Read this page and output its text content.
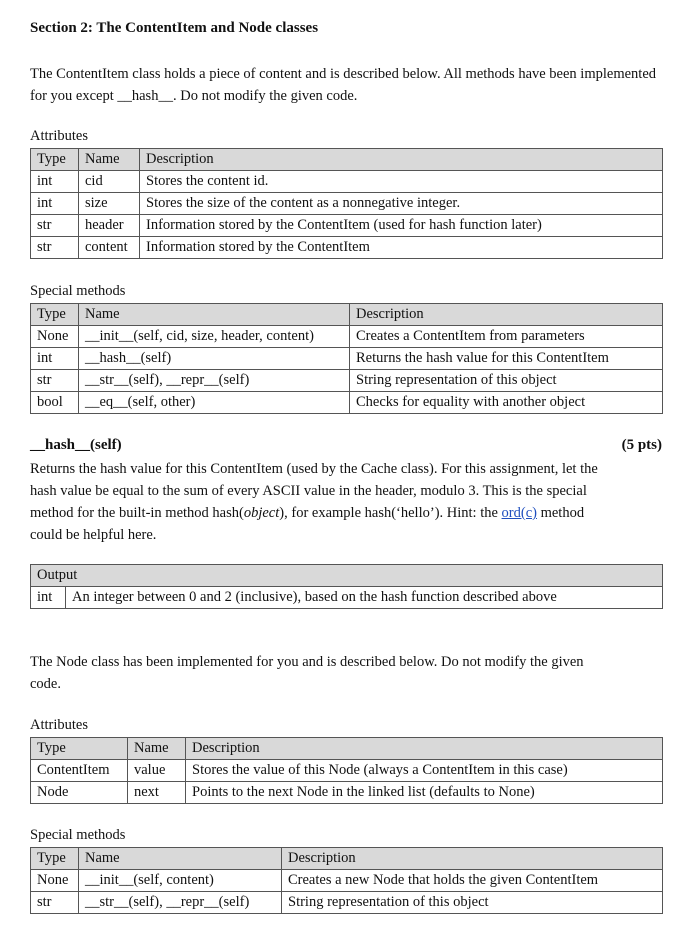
Section 2: The ContentItem and Node classes
The ContentItem class holds a piece of content and is described below. All methods have been implemented for you except __hash__. Do not modify the given code.
Attributes
Type	Name	Description
int	cid	Stores the content id.
int	size	Stores the size of the content as a nonnegative integer.
str	header	Information stored by the ContentItem (used for hash function later)
str	content	Information stored by the ContentItem
Special methods
Type	Name	Description
None	__init__(self, cid, size, header, content)	Creates a ContentItem from parameters
int	__hash__(self)	Returns the hash value for this ContentItem
str	__str__(self), __repr__(self)	String representation of this object
bool	__eq__(self, other)	Checks for equality with another object
__hash__(self)	(5 pts)
Returns the hash value for this ContentItem (used by the Cache class). For this assignment, let the
hash value be equal to the sum of every ASCII value in the header, modulo 3. This is the special
method for the built-in method hash(object), for example hash(‘hello’). Hint: the ord(c) method
could be helpful here.
Output
int	An integer between 0 and 2 (inclusive), based on the hash function described above
The Node class has been implemented for you and is described below. Do not modify the given
code.
Attributes
Type	Name	Description
ContentItem	value	Stores the value of this Node (always a ContentItem in this case)
Node	next	Points to the next Node in the linked list (defaults to None)
Special methods
Type	Name	Description
None	__init__(self, content)	Creates a new Node that holds the given ContentItem
str	__str__(self), __repr__(self)	String representation of this object
